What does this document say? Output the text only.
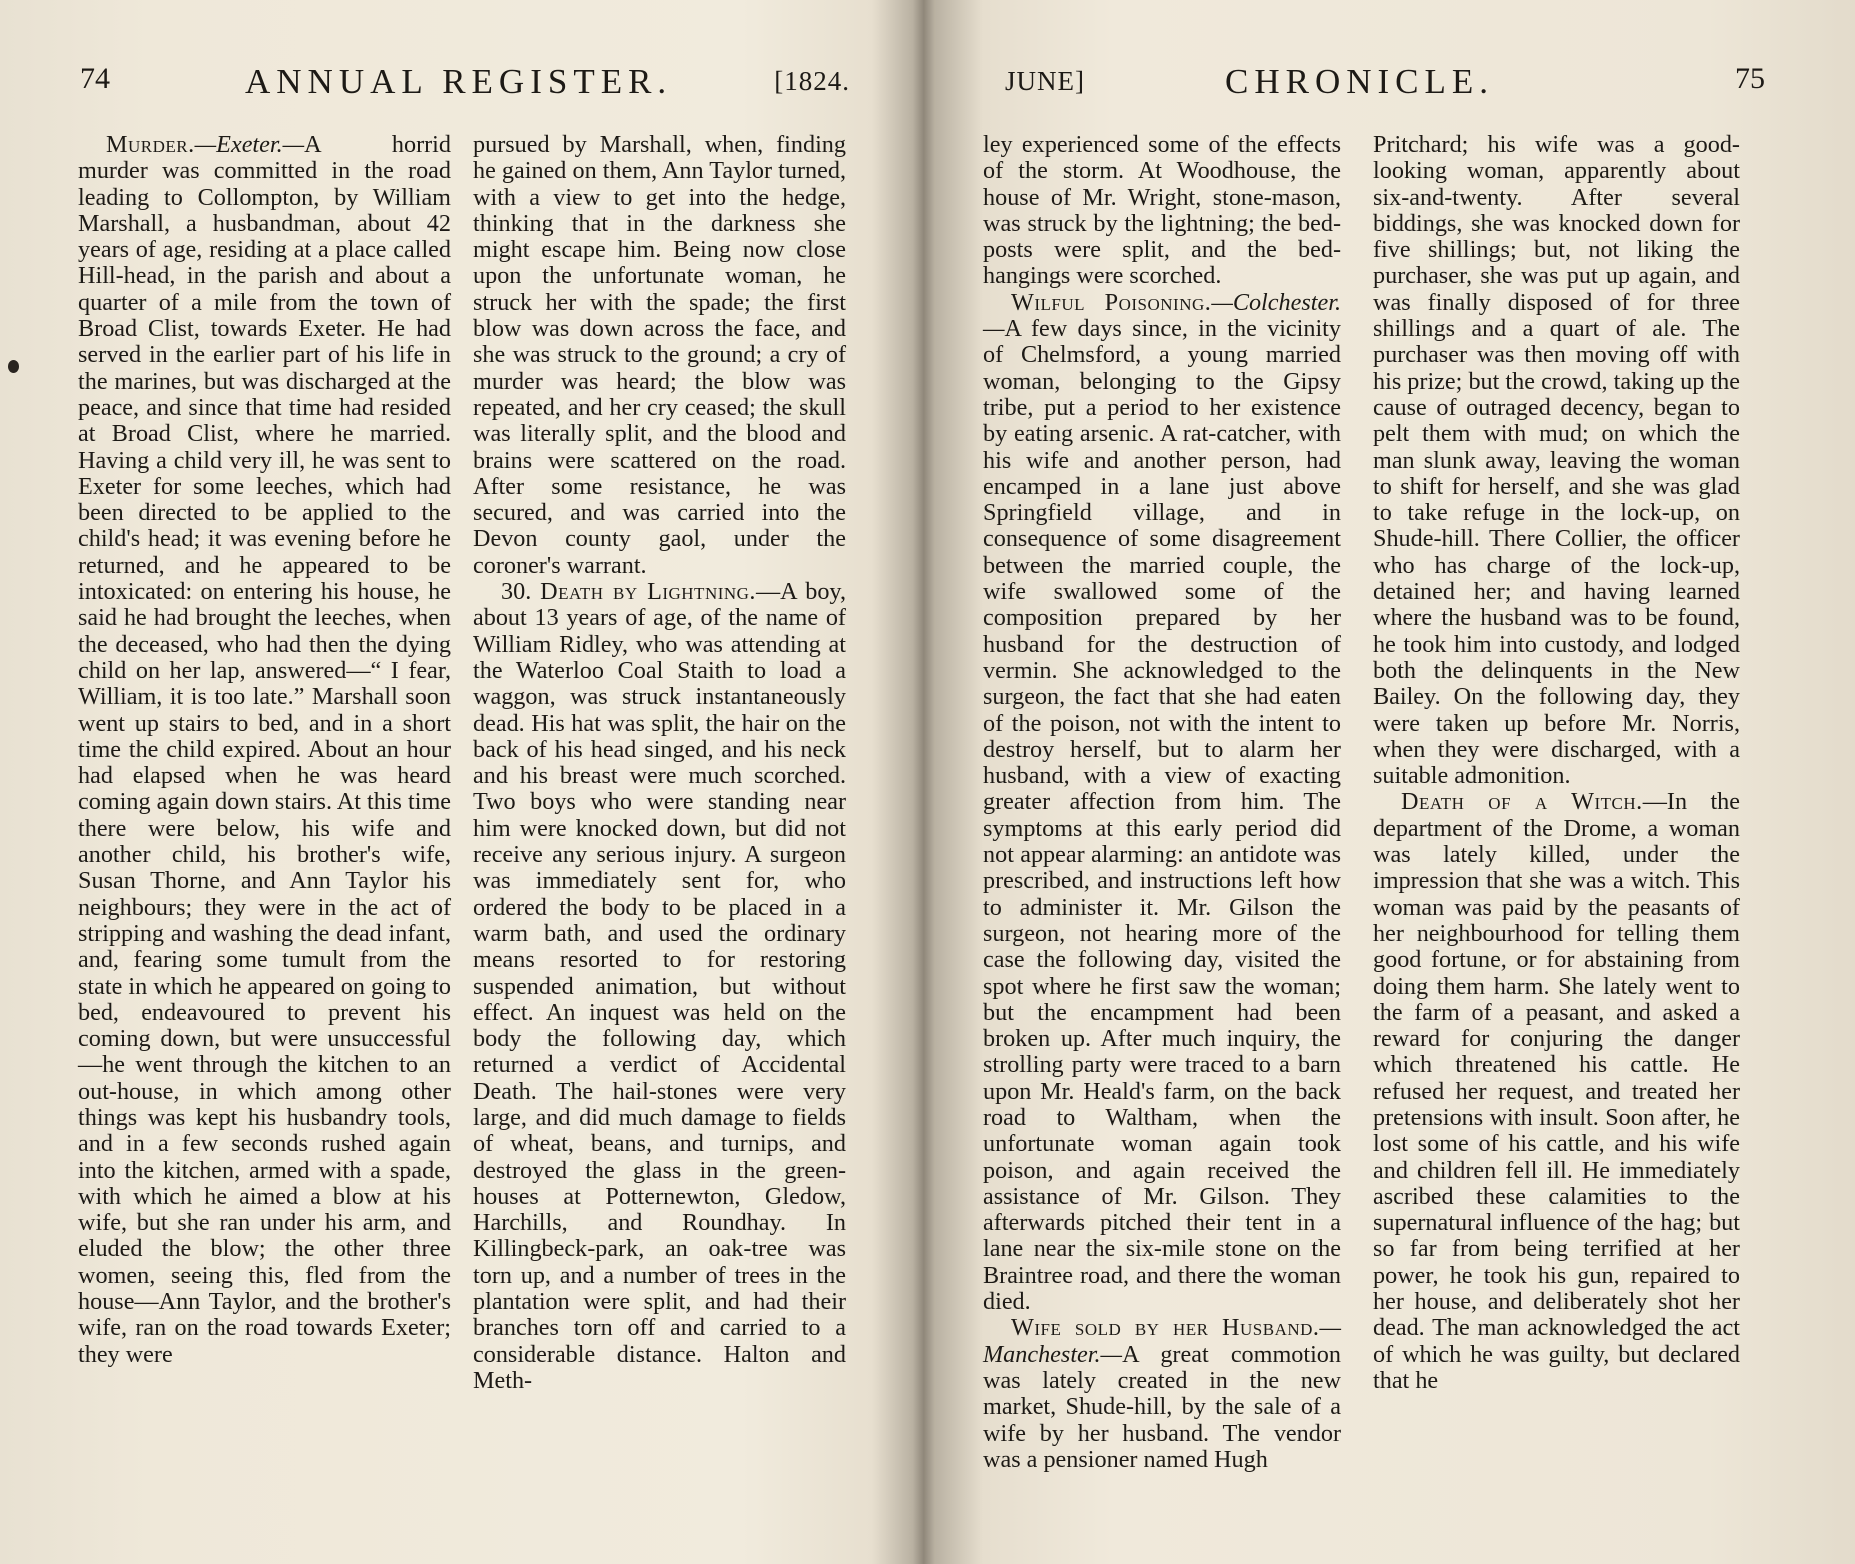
74	ANNUAL REGISTER.	[1824.

Murder.—Exeter.—A horrid murder was committed in the road leading to Collompton, by William Marshall, a husbandman, about 42 years of age, residing at a place called Hill-head, in the parish and about a quarter of a mile from the town of Broad Clist, towards Exeter. He had served in the earlier part of his life in the marines, but was discharged at the peace, and since that time had resided at Broad Clist, where he married. Having a child very ill, he was sent to Exeter for some leeches, which had been directed to be applied to the child's head; it was evening before he returned, and he appeared to be intoxicated: on entering his house, he said he had brought the leeches, when the deceased, who had then the dying child on her lap, answered—“ I fear, William, it is too late.” Marshall soon went up stairs to bed, and in a short time the child expired. About an hour had elapsed when he was heard coming again down stairs. At this time there were below, his wife and another child, his brother's wife, Susan Thorne, and Ann Taylor his neighbours; they were in the act of stripping and washing the dead infant, and, fearing some tumult from the state in which he appeared on going to bed, endeavoured to prevent his coming down, but were unsuccessful—he went through the kitchen to an out-house, in which among other things was kept his husbandry tools, and in a few seconds rushed again into the kitchen, armed with a spade, with which he aimed a blow at his wife, but she ran under his arm, and eluded the blow; the other three women, seeing this, fled from the house—Ann Taylor, and the brother's wife, ran on the road towards Exeter; they were

pursued by Marshall, when, finding he gained on them, Ann Taylor turned, with a view to get into the hedge, thinking that in the darkness she might escape him. Being now close upon the unfortunate woman, he struck her with the spade; the first blow was down across the face, and she was struck to the ground; a cry of murder was heard; the blow was repeated, and her cry ceased; the skull was literally split, and the blood and brains were scattered on the road. After some resistance, he was secured, and was carried into the Devon county gaol, under the coroner's warrant.

30. Death by Lightning.—A boy, about 13 years of age, of the name of William Ridley, who was attending at the Waterloo Coal Staith to load a waggon, was struck instantaneously dead. His hat was split, the hair on the back of his head singed, and his neck and his breast were much scorched. Two boys who were standing near him were knocked down, but did not receive any serious injury. A surgeon was immediately sent for, who ordered the body to be placed in a warm bath, and used the ordinary means resorted to for restoring suspended animation, but without effect. An inquest was held on the body the following day, which returned a verdict of Accidental Death. The hail-stones were very large, and did much damage to fields of wheat, beans, and turnips, and destroyed the glass in the green-houses at Potternewton, Gledow, Harchills, and Roundhay. In Killingbeck-park, an oak-tree was torn up, and a number of trees in the plantation were split, and had their branches torn off and carried to a considerable distance. Halton and Meth-

JUNE]	CHRONICLE.	75

ley experienced some of the effects of the storm. At Woodhouse, the house of Mr. Wright, stone-mason, was struck by the lightning; the bed-posts were split, and the bed-hangings were scorched.

Wilful Poisoning.—Colchester.—A few days since, in the vicinity of Chelmsford, a young married woman, belonging to the Gipsy tribe, put a period to her existence by eating arsenic. A rat-catcher, with his wife and another person, had encamped in a lane just above Springfield village, and in consequence of some disagreement between the married couple, the wife swallowed some of the composition prepared by her husband for the destruction of vermin. She acknowledged to the surgeon, the fact that she had eaten of the poison, not with the intent to destroy herself, but to alarm her husband, with a view of exacting greater affection from him. The symptoms at this early period did not appear alarming: an antidote was prescribed, and instructions left how to administer it. Mr. Gilson the surgeon, not hearing more of the case the following day, visited the spot where he first saw the woman; but the encampment had been broken up. After much inquiry, the strolling party were traced to a barn upon Mr. Heald's farm, on the back road to Waltham, when the unfortunate woman again took poison, and again received the assistance of Mr. Gilson. They afterwards pitched their tent in a lane near the six-mile stone on the Braintree road, and there the woman died.

Wife sold by her Husband.—Manchester.—A great commotion was lately created in the new market, Shude-hill, by the sale of a wife by her husband. The vendor was a pensioner named Hugh

Pritchard; his wife was a good-looking woman, apparently about six-and-twenty. After several biddings, she was knocked down for five shillings; but, not liking the purchaser, she was put up again, and was finally disposed of for three shillings and a quart of ale. The purchaser was then moving off with his prize; but the crowd, taking up the cause of outraged decency, began to pelt them with mud; on which the man slunk away, leaving the woman to shift for herself, and she was glad to take refuge in the lock-up, on Shude-hill. There Collier, the officer who has charge of the lock-up, detained her; and having learned where the husband was to be found, he took him into custody, and lodged both the delinquents in the New Bailey. On the following day, they were taken up before Mr. Norris, when they were discharged, with a suitable admonition.

Death of a Witch.—In the department of the Drome, a woman was lately killed, under the impression that she was a witch. This woman was paid by the peasants of her neighbourhood for telling them good fortune, or for abstaining from doing them harm. She lately went to the farm of a peasant, and asked a reward for conjuring the danger which threatened his cattle. He refused her request, and treated her pretensions with insult. Soon after, he lost some of his cattle, and his wife and children fell ill. He immediately ascribed these calamities to the supernatural influence of the hag; but so far from being terrified at her power, he took his gun, repaired to her house, and deliberately shot her dead. The man acknowledged the act of which he was guilty, but declared that he
